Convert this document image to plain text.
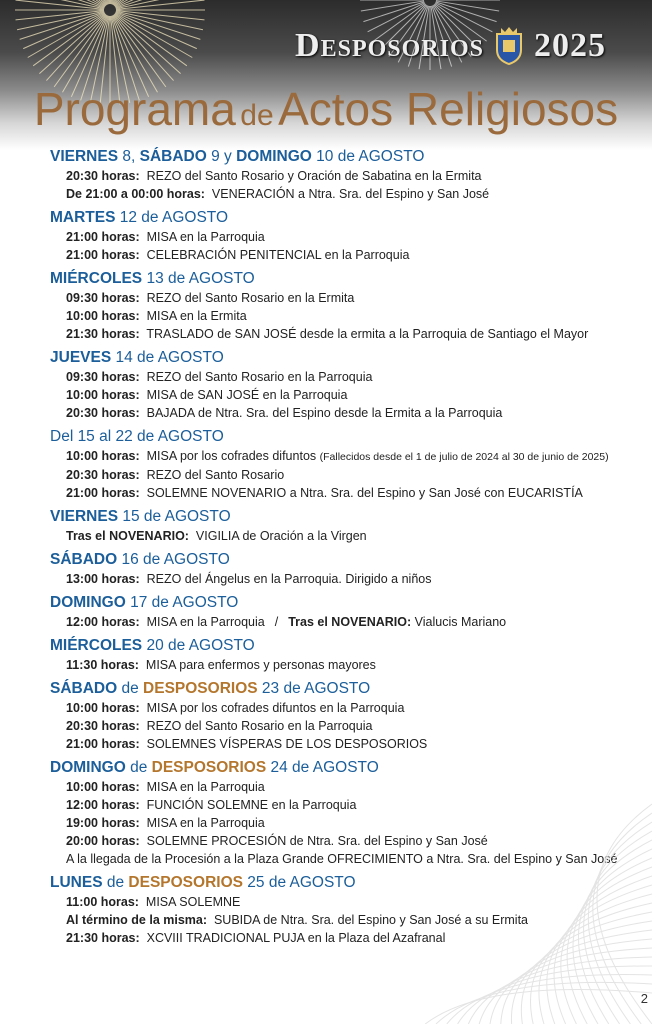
Desposorios 2025
Programa de Actos Religiosos
VIERNES 8, SÁBADO 9 y DOMINGO 10 de AGOSTO
20:30 horas: REZO del Santo Rosario y Oración de Sabatina en la Ermita
De 21:00 a 00:00 horas: VENERACIÓN a Ntra. Sra. del Espino y San José
MARTES 12 de AGOSTO
21:00 horas: MISA en la Parroquia
21:00 horas: CELEBRACIÓN PENITENCIAL en la Parroquia
MIÉRCOLES 13 de AGOSTO
09:30 horas: REZO del Santo Rosario en la Ermita
10:00 horas: MISA en la Ermita
21:30 horas: TRASLADO de SAN JOSÉ desde la ermita a la Parroquia de Santiago el Mayor
JUEVES 14 de AGOSTO
09:30 horas: REZO del Santo Rosario en la Parroquia
10:00 horas: MISA de SAN JOSÉ en la Parroquia
20:30 horas: BAJADA de Ntra. Sra. del Espino desde la Ermita a la Parroquia
Del 15 al 22 de AGOSTO
10:00 horas: MISA por los cofrades difuntos (Fallecidos desde el 1 de julio de 2024 al 30 de junio de 2025)
20:30 horas: REZO del Santo Rosario
21:00 horas: SOLEMNE NOVENARIO a Ntra. Sra. del Espino y San José con EUCARISTÍA
VIERNES 15 de AGOSTO
Tras el NOVENARIO: VIGILIA de Oración a la Virgen
SÁBADO 16 de AGOSTO
13:00 horas: REZO del Ángelus en la Parroquia. Dirigido a niños
DOMINGO 17 de AGOSTO
12:00 horas: MISA en la Parroquia / Tras el NOVENARIO: Vialucis Mariano
MIÉRCOLES 20 de AGOSTO
11:30 horas: MISA para enfermos y personas mayores
SÁBADO de DESPOSORIOS 23 de AGOSTO
10:00 horas: MISA por los cofrades difuntos en la Parroquia
20:30 horas: REZO del Santo Rosario en la Parroquia
21:00 horas: SOLEMNES VÍSPERAS DE LOS DESPOSORIOS
DOMINGO de DESPOSORIOS 24 de AGOSTO
10:00 horas: MISA en la Parroquia
12:00 horas: FUNCIÓN SOLEMNE en la Parroquia
19:00 horas: MISA en la Parroquia
20:00 horas: SOLEMNE PROCESIÓN de Ntra. Sra. del Espino y San José
A la llegada de la Procesión a la Plaza Grande OFRECIMIENTO a Ntra. Sra. del Espino y San José
LUNES de DESPOSORIOS 25 de AGOSTO
11:00 horas: MISA SOLEMNE
Al término de la misma: SUBIDA de Ntra. Sra. del Espino y San José a su Ermita
21:30 horas: XCVIII TRADICIONAL PUJA en la Plaza del Azafranal
2
